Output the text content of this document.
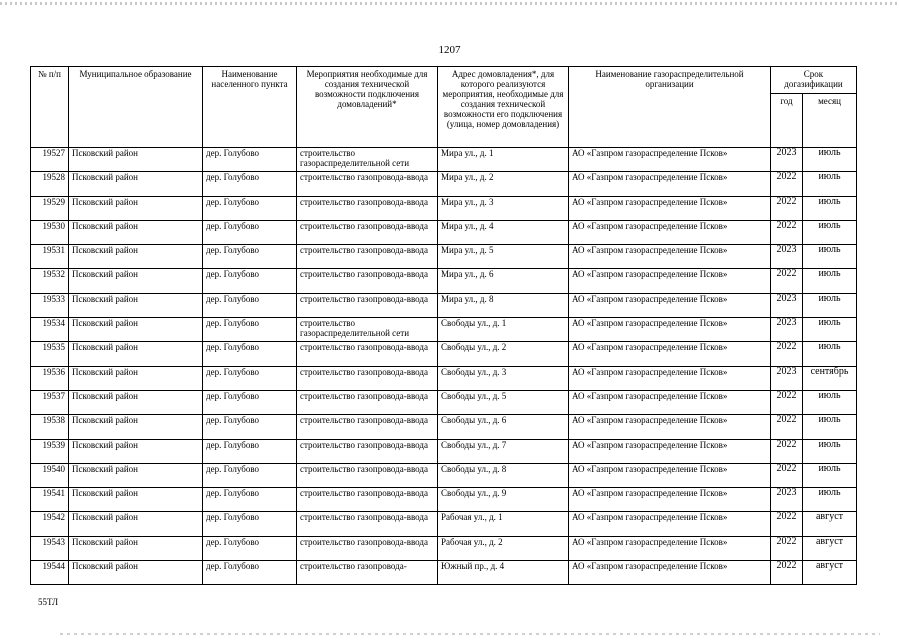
1207
№ п/п	Муниципальное образование	Наименование населенного пункта	Мероприятия необходимые для создания технической возможности подключения домовладений*	Адрес домовладения*, для которого реализуются мероприятия, необходимые для создания технической возможности его подключения (улица, номер домовладения)	Наименование газораспределительной организации	Срок догазификации	
						год	месяц
19527	Псковский район	дер. Голубово	строительство газораспределительной сети	Мира ул., д. 1	АО «Газпром газораспределение Псков»	2023	июль
19528	Псковский район	дер. Голубово	строительство газопровода-ввода	Мира ул., д. 2	АО «Газпром газораспределение Псков»	2022	июль
19529	Псковский район	дер. Голубово	строительство газопровода-ввода	Мира ул., д. 3	АО «Газпром газораспределение Псков»	2022	июль
19530	Псковский район	дер. Голубово	строительство газопровода-ввода	Мира ул., д. 4	АО «Газпром газораспределение Псков»	2022	июль
19531	Псковский район	дер. Голубово	строительство газопровода-ввода	Мира ул., д. 5	АО «Газпром газораспределение Псков»	2023	июль
19532	Псковский район	дер. Голубово	строительство газопровода-ввода	Мира ул., д. 6	АО «Газпром газораспределение Псков»	2022	июль
19533	Псковский район	дер. Голубово	строительство газопровода-ввода	Мира ул., д. 8	АО «Газпром газораспределение Псков»	2023	июль
19534	Псковский район	дер. Голубово	строительство газораспределительной сети	Свободы ул., д. 1	АО «Газпром газораспределение Псков»	2023	июль
19535	Псковский район	дер. Голубово	строительство газопровода-ввода	Свободы ул., д. 2	АО «Газпром газораспределение Псков»	2022	июль
19536	Псковский район	дер. Голубово	строительство газопровода-ввода	Свободы ул., д. 3	АО «Газпром газораспределение Псков»	2023	сентябрь
19537	Псковский район	дер. Голубово	строительство газопровода-ввода	Свободы ул., д. 5	АО «Газпром газораспределение Псков»	2022	июль
19538	Псковский район	дер. Голубово	строительство газопровода-ввода	Свободы ул., д. 6	АО «Газпром газораспределение Псков»	2022	июль
19539	Псковский район	дер. Голубово	строительство газопровода-ввода	Свободы ул., д. 7	АО «Газпром газораспределение Псков»	2022	июль
19540	Псковский район	дер. Голубово	строительство газопровода-ввода	Свободы ул., д. 8	АО «Газпром газораспределение Псков»	2022	июль
19541	Псковский район	дер. Голубово	строительство газопровода-ввода	Свободы ул., д. 9	АО «Газпром газораспределение Псков»	2023	июль
19542	Псковский район	дер. Голубово	строительство газопровода-ввода	Рабочая ул., д. 1	АО «Газпром газораспределение Псков»	2022	август
19543	Псковский район	дер. Голубово	строительство газопровода-ввода	Рабочая ул., д. 2	АО «Газпром газораспределение Псков»	2022	август
19544	Псковский район	дер. Голубово	строительство газопровода-	Южный пр., д. 4	АО «Газпром газораспределение Псков»	2022	август
55ТЛ
